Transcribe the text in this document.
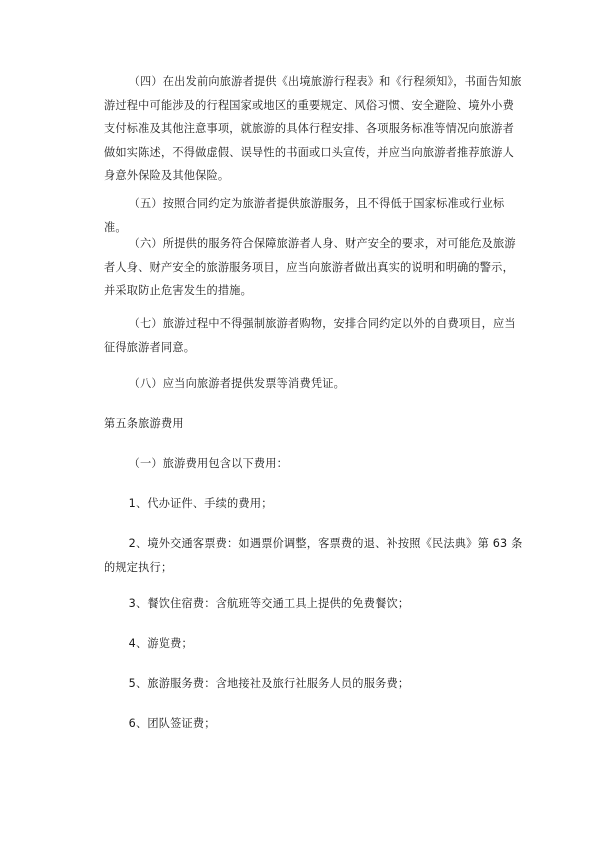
（四）在出发前向旅游者提供《出境旅游行程表》和《行程须知》，书面告知旅游过程中可能涉及的行程国家或地区的重要规定、风俗习惯、安全避险、境外小费支付标准及其他注意事项，就旅游的具体行程安排、各项服务标准等情况向旅游者做如实陈述，不得做虚假、误导性的书面或口头宣传，并应当向旅游者推荐旅游人身意外保险及其他保险。

（五）按照合同约定为旅游者提供旅游服务，且不得低于国家标准或行业标准。

（六）所提供的服务符合保障旅游者人身、财产安全的要求，对可能危及旅游者人身、财产安全的旅游服务项目，应当向旅游者做出真实的说明和明确的警示，并采取防止危害发生的措施。

（七）旅游过程中不得强制旅游者购物，安排合同约定以外的自费项目，应当征得旅游者同意。

（八）应当向旅游者提供发票等消费凭证。

第五条旅游费用

（一）旅游费用包含以下费用：

1、代办证件、手续的费用；

2、境外交通客票费：如遇票价调整，客票费的退、补按照《民法典》第 63 条的规定执行；

3、餐饮住宿费：含航班等交通工具上提供的免费餐饮；

4、游览费；

5、旅游服务费：含地接社及旅行社服务人员的服务费；

6、团队签证费；
